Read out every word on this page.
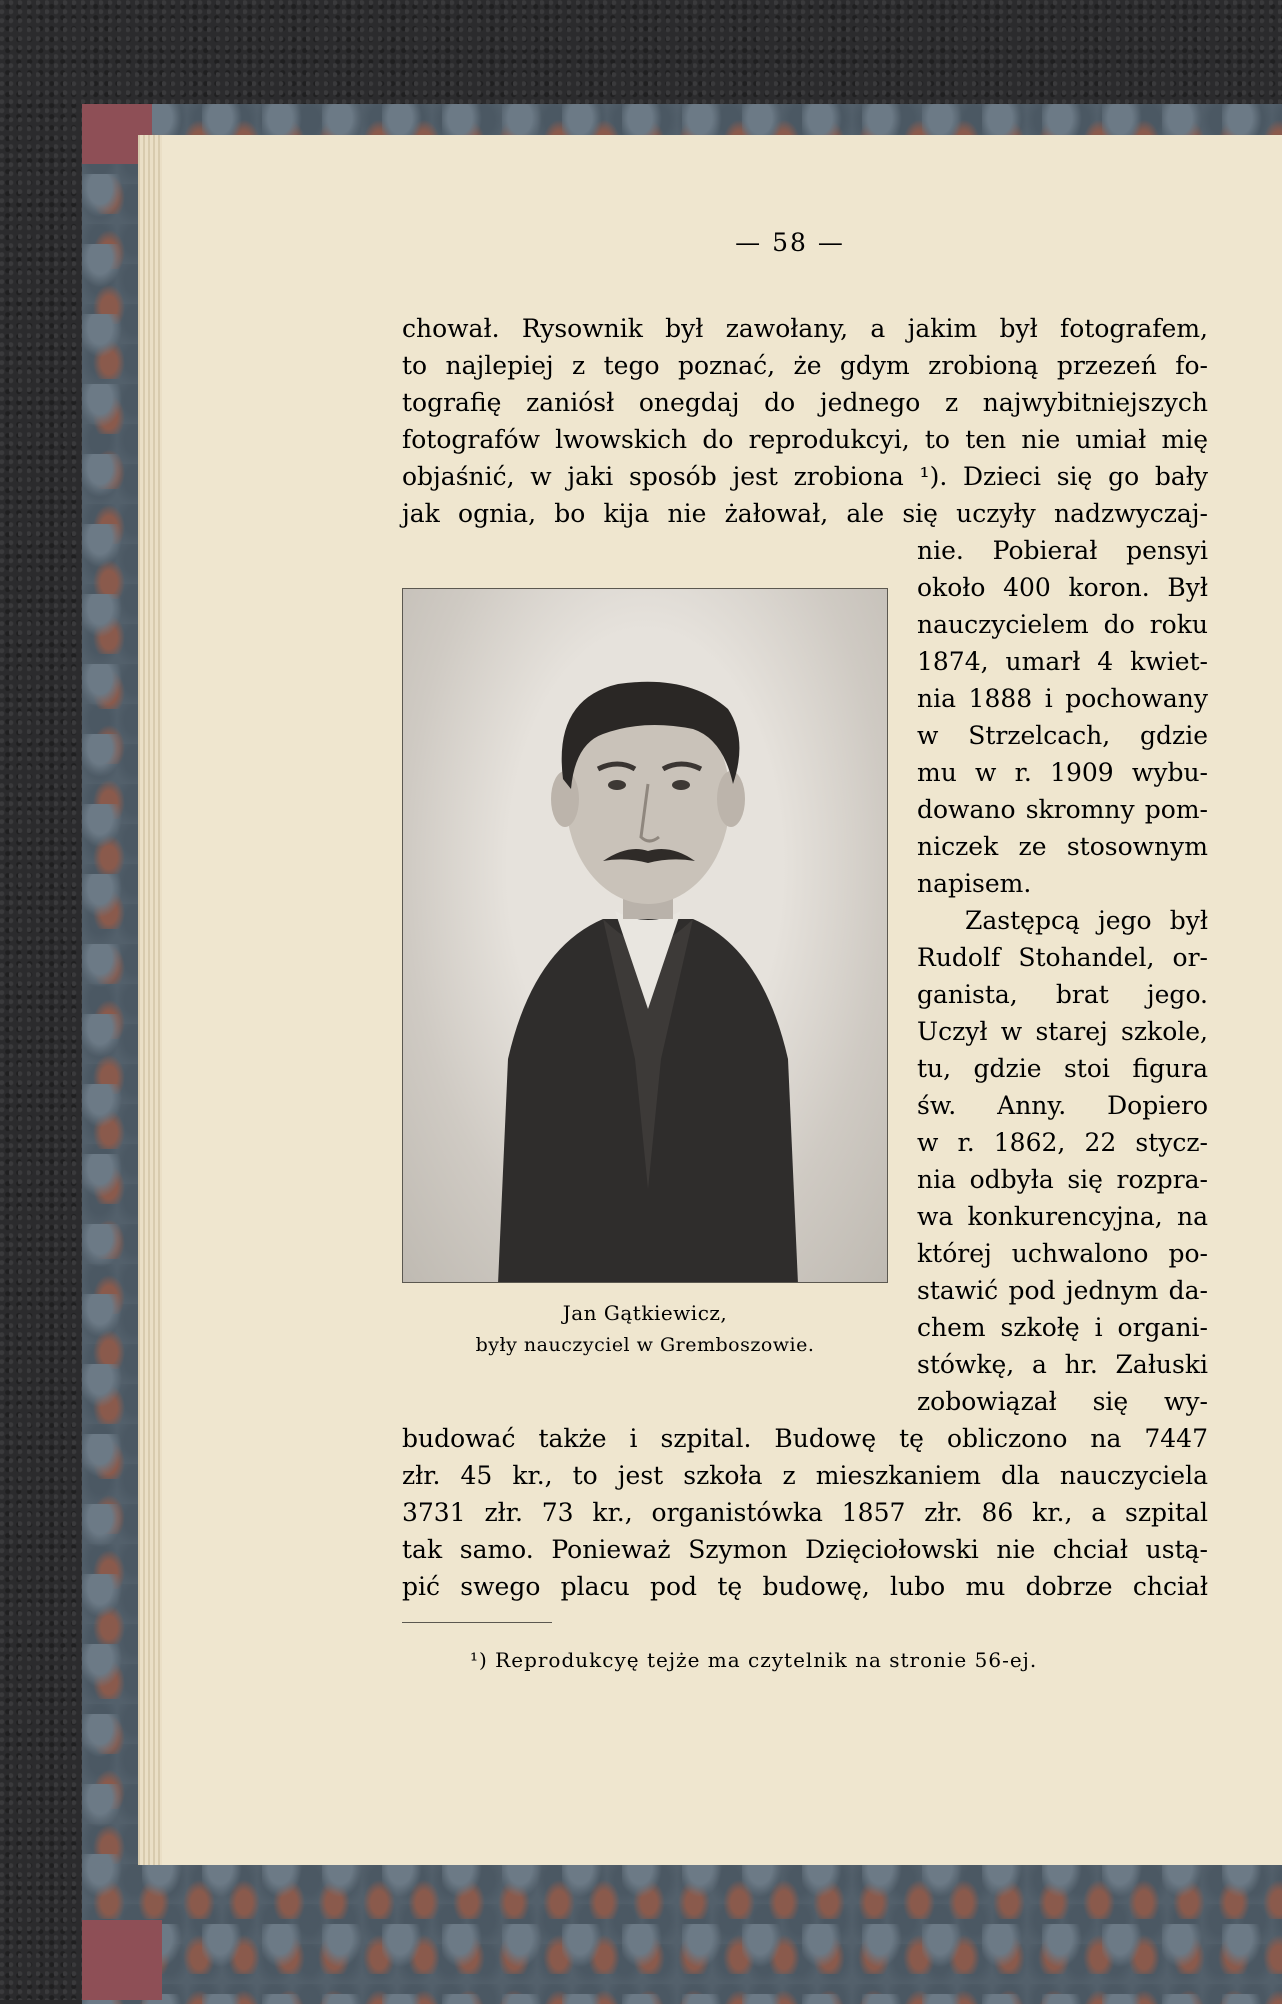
— 58 —
chował. Rysownik był zawołany, a jakim był fotografem,
to najlepiej z tego poznać, że gdym zrobioną przezeń fo-
tografię zaniósł onegdaj do jednego z najwybitniejszych
fotografów lwowskich do reprodukcyi, to ten nie umiał mię
objaśnić, w jaki sposób jest zrobiona ¹). Dzieci się go bały
jak ognia, bo kija nie żałował, ale się uczyły nadzwyczaj-
nie. Pobierał pensyi
około 400 koron. Był
nauczycielem do roku
1874, umarł 4 kwiet-
nia 1888 i pochowany
w Strzelcach, gdzie
mu w r. 1909 wybu-
dowano skromny pom-
niczek ze stosownym
napisem.
Zastępcą jego był
Rudolf Stohandel, or-
ganista, brat jego.
Uczył w starej szkole,
tu, gdzie stoi figura
św. Anny. Dopiero
w r. 1862, 22 stycz-
nia odbyła się rozpra-
wa konkurencyjna, na
której uchwalono po-
stawić pod jednym da-
chem szkołę i organi-
stówkę, a hr. Załuski
zobowiązał się wy-
Jan Gątkiewicz,
były nauczyciel w Gremboszowie.
budować także i szpital. Budowę tę obliczono na 7447
złr. 45 kr., to jest szkoła z mieszkaniem dla nauczyciela
3731 złr. 73 kr., organistówka 1857 złr. 86 kr., a szpital
tak samo. Ponieważ Szymon Dzięciołowski nie chciał ustą-
pić swego placu pod tę budowę, lubo mu dobrze chciał
¹) Reprodukcyę tejże ma czytelnik na stronie 56-ej.
